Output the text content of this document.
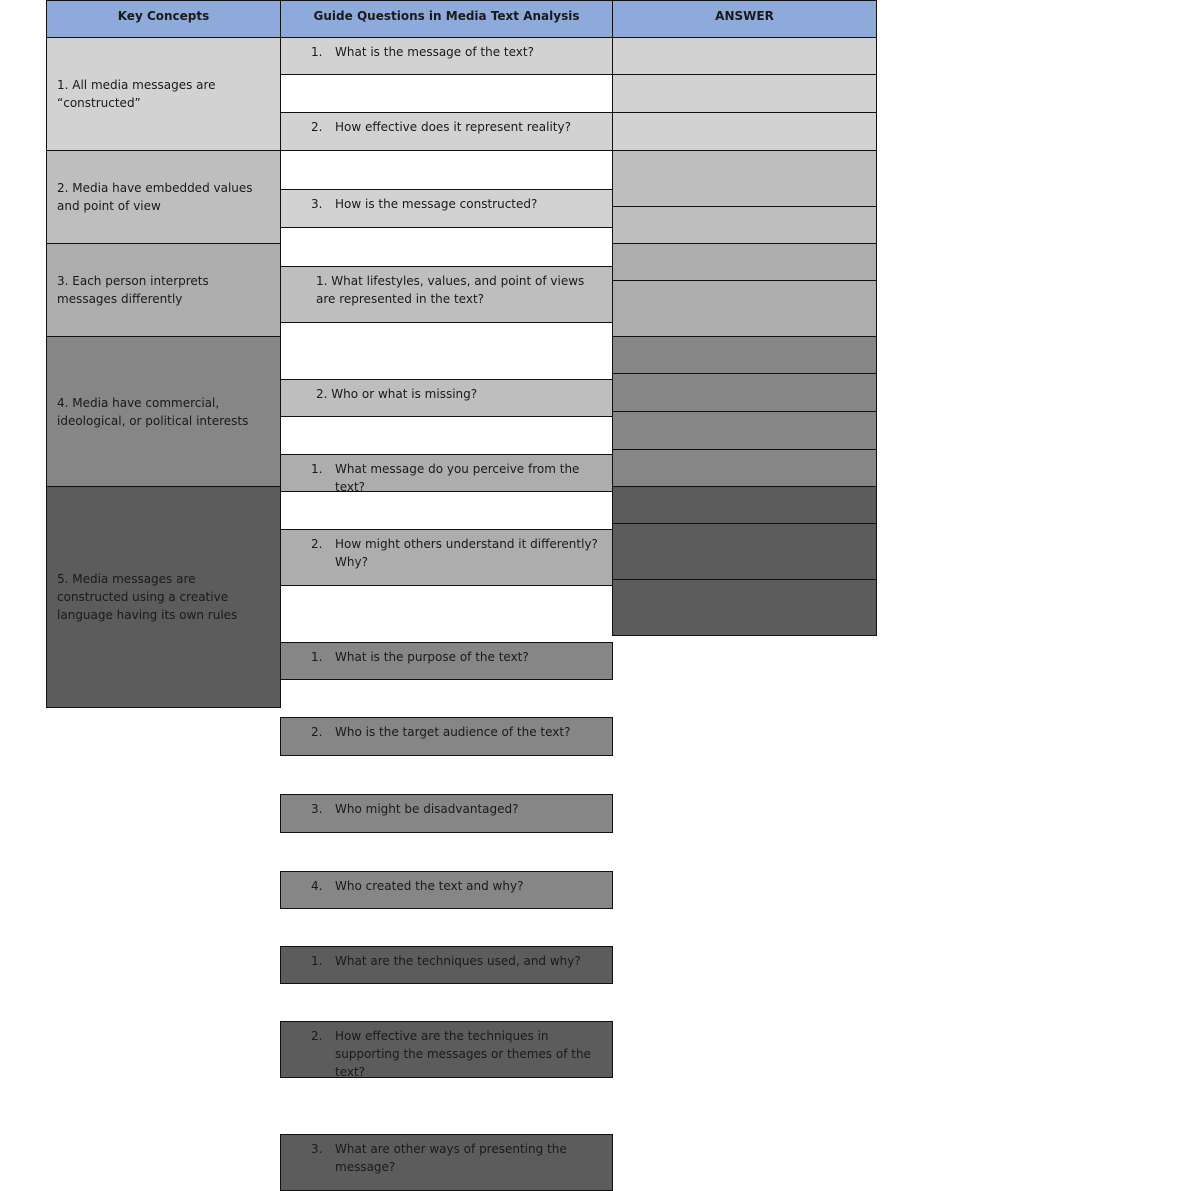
Key Concepts	Guide Questions in Media Text Analysis	ANSWER
1. All media messages are “constructed”
1.	What is the message of the text?
2.	How effective does it represent reality?
3.	How is the message constructed?
2. Media have embedded values and point of view
1. What lifestyles, values, and point of views are represented in the text?
2. Who or what is missing?
3. Each person interprets messages differently
1.	What message do you perceive from the text?
2.	How might others understand it differently? Why?
4. Media have commercial, ideological, or political interests
1.	What is the purpose of the text?
2.	Who is the target audience of the text?
3.	Who might be disadvantaged?
4.	Who created the text and why?
5. Media messages are constructed using a creative language having its own rules
1.	What are the techniques used, and why?
2.	How effective are the techniques in supporting the messages or themes of the text?
3.	What are other ways of presenting the message?
